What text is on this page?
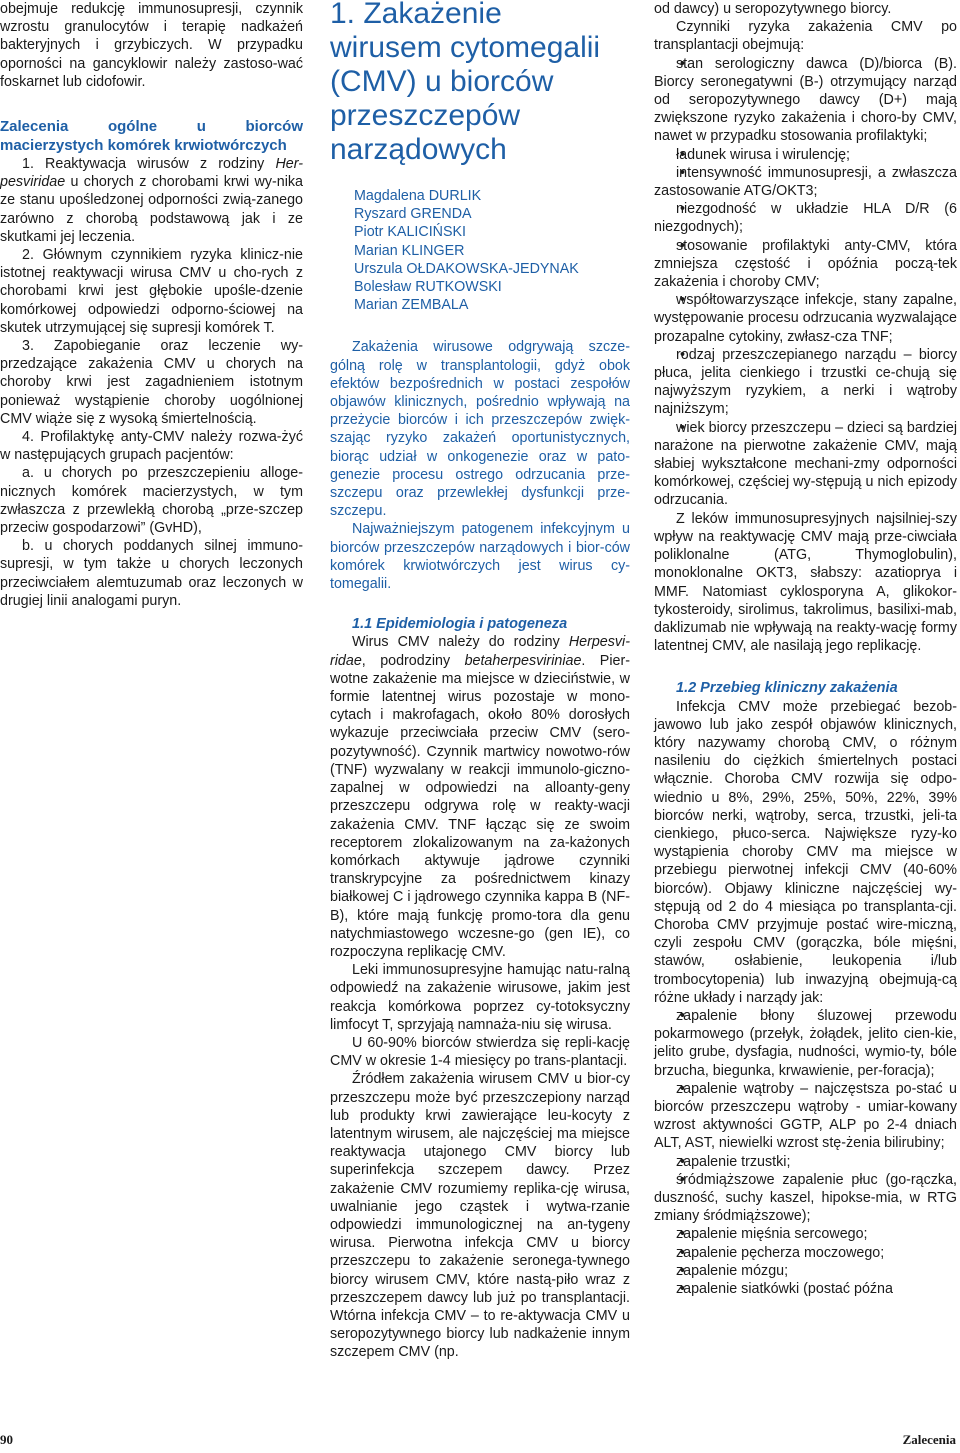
obejmuje redukcję immunosupresji, czynnik wzrostu granulocytów i terapię nadkażeń bakteryjnych i grzybiczych. W przypadku oporności na gancyklowir należy zastoso-wać foskarnet lub cidofowir.

Zalecenia ogólne u biorców macierzystych komórek krwiotwórczych

1. Reaktywacja wirusów z rodziny Her-pesviridae u chorych z chorobami krwi wy-nika ze stanu upośledzonej odporności zwią-zanego zarówno z chorobą podstawową jak i ze skutkami jej leczenia.

2. Głównym czynnikiem ryzyka klinicz-nie istotnej reaktywacji wirusa CMV u cho-rych z chorobami krwi jest głębokie upośle-dzenie komórkowej odpowiedzi odporno-ściowej na skutek utrzymującej się supresji komórek T.

3. Zapobieganie oraz leczenie wy-przedzające zakażenia CMV u chorych na choroby krwi jest zagadnieniem istotnym ponieważ wystąpienie choroby uogólnionej CMV wiąże się z wysoką śmiertelnością.

4. Profilaktykę anty-CMV należy rozwa-żyć w następujących grupach pacjentów:

a. u chorych po przeszczepieniu alloge-nicznych komórek macierzystych, w tym zwłaszcza z przewlekłą chorobą „prze-szczep przeciw gospodarzowi” (GvHD),

b. u chorych poddanych silnej immuno-supresji, w tym także u chorych leczonych przeciwciałem alemtuzumab oraz leczonych w drugiej linii analogami puryn.

1. Zakażenie
wirusem cytomegalii
(CMV) u biorców
przeszczepów
narządowych
Magdalena DURLIK
Ryszard GRENDA
Piotr KALICIŃSKI
Marian KLINGER
Urszula OŁDAKOWSKA-JEDYNAK
Bolesław RUTKOWSKI
Marian ZEMBALA

Zakażenia wirusowe odgrywają szcze-gólną rolę w transplantologii, gdyż obok efektów bezpośrednich w postaci zespołów objawów klinicznych, pośrednio wpływają na przeżycie biorców i ich przeszczepów zwięk-szając ryzyko zakażeń oportunistycznych, biorąc udział w onkogenezie oraz w pato-genezie procesu ostrego odrzucania prze-szczepu oraz przewlekłej dysfunkcji prze-szczepu.

Najważniejszym patogenem infekcyjnym u biorców przeszczepów narządowych i bior-ców komórek krwiotwórczych jest wirus cy-tomegalii.

1.1 Epidemiologia i patogeneza

Wirus CMV należy do rodziny Herpesvi-ridae, podrodziny betaherpesviriniae. Pier-wotne zakażenie ma miejsce w dzieciństwie, w formie latentnej wirus pozostaje w mono-cytach i makrofagach, około 80% dorosłych wykazuje przeciwciała przeciw CMV (sero-pozytywność). Czynnik martwicy nowotwo-rów (TNF) wyzwalany w reakcji immunolo-giczno-zapalnej w odpowiedzi na alloanty-geny przeszczepu odgrywa rolę w reakty-wacji zakażenia CMV. TNF łącząc się ze swoim receptorem zlokalizowanym na za-każonych komórkach aktywuje jądrowe czynniki transkrypcyjne za pośrednictwem kinazy białkowej C i jądrowego czynnika kappa B (NF-B), które mają funkcję promo-tora dla genu natychmiastowego wczesne-go (gen IE), co rozpoczyna replikację CMV.

Leki immunosupresyjne hamując natu-ralną odpowiedź na zakażenie wirusowe, jakim jest reakcja komórkowa poprzez cy-totoksyczny limfocyt T, sprzyjają namnaża-niu się wirusa.

U 60-90% biorców stwierdza się repli-kację CMV w okresie 1-4 miesięcy po trans-plantacji.

Źródłem zakażenia wirusem CMV u bior-cy przeszczepu może być przeszczepiony narząd lub produkty krwi zawierające leu-kocyty z latentnym wirusem, ale najczęściej ma miejsce reaktywacja utajonego CMV biorcy lub superinfekcja szczepem dawcy. Przez zakażenie CMV rozumiemy replika-cję wirusa, uwalnianie jego cząstek i wytwa-rzanie odpowiedzi immunologicznej na an-tygeny wirusa. Pierwotna infekcja CMV u biorcy przeszczepu to zakażenie seronega-tywnego biorcy wirusem CMV, które nastą-piło wraz z przeszczepem dawcy lub już po transplantacji. Wtórna infekcja CMV – to re-aktywacja CMV u seropozytywnego biorcy lub nadkażenie innym szczepem CMV (np.

od dawcy) u seropozytywnego biorcy.

Czynniki ryzyka zakażenia CMV po transplantacji obejmują:

• stan serologiczny dawca (D)/biorca (B). Biorcy seronegatywni (B-) otrzymujący narząd od seropozytywnego dawcy (D+) mają zwiększone ryzyko zakażenia i choro-by CMV, nawet w przypadku stosowania profilaktyki;
• ładunek wirusa i wirulencję;
• intensywność immunosupresji, a zwłaszcza zastosowanie ATG/OKT3;
• niezgodność w układzie HLA D/R (6 niezgodnych);
• stosowanie profilaktyki anty-CMV, która zmniejsza częstość i opóźnia począ-tek zakażenia i choroby CMV;
• współtowarzyszące infekcje, stany zapalne, występowanie procesu odrzucania wyzwalające prozapalne cytokiny, zwłasz-cza TNF;
• rodzaj przeszczepianego narządu – biorcy płuca, jelita cienkiego i trzustki ce-chują się najwyższym ryzykiem, a nerki i wątroby najniższym;
• wiek biorcy przeszczepu – dzieci są bardziej narażone na pierwotne zakażenie CMV, mają słabiej wykształcone mechani-zmy odporności komórkowej, częściej wy-stępują u nich epizody odrzucania.

Z leków immunosupresyjnych najsilniej-szy wpływ na reaktywację CMV mają prze-ciwciała poliklonalne (ATG, Thymoglobulin), monoklonalne OKT3, słabszy: azatioprya i MMF. Natomiast cyklosporyna A, glikokor-tykosteroidy, sirolimus, takrolimus, basilixi-mab, daklizumab nie wpływają na reakty-wację formy latentnej CMV, ale nasilają jego replikację.

1.2 Przebieg kliniczny zakażenia

Infekcja CMV może przebiegać bezob-jawowo lub jako zespół objawów klinicznych, który nazywamy chorobą CMV, o różnym nasileniu do ciężkich śmiertelnych postaci włącznie. Choroba CMV rozwija się odpo-wiednio u 8%, 29%, 25%, 50%, 22%, 39% biorców nerki, wątroby, serca, trzustki, jeli-ta cienkiego, płuco-serca. Największe ryzy-ko wystąpienia choroby CMV ma miejsce w przebiegu pierwotnej infekcji CMV (40-60% biorców). Objawy kliniczne najczęściej wy-stępują od 2 do 4 miesiąca po transplanta-cji. Choroba CMV przyjmuje postać wire-miczną, czyli zespołu CMV (gorączka, bóle mięśni, stawów, osłabienie, leukopenia i/lub trombocytopenia) lub inwazyjną obejmują-cą różne układy i narządy jak:

• zapalenie błony śluzowej przewodu pokarmowego (przełyk, żołądek, jelito cien-kie, jelito grube, dysfagia, nudności, wymio-ty, bóle brzucha, biegunka, krwawienie, per-foracja);
• zapalenie wątroby – najczęstsza po-stać u biorców przeszczepu wątroby - umiar-kowany wzrost aktywności GGTP, ALP po 2-4 dniach ALT, AST, niewielki wzrost stę-żenia bilirubiny;
• zapalenie trzustki;
• śródmiąższowe zapalenie płuc (go-rączka, duszność, suchy kaszel, hipokse-mia, w RTG zmiany śródmiąższowe);
• zapalenie mięśnia sercowego;
• zapalenie pęcherza moczowego;
• zapalenie mózgu;
• zapalenie siatkówki (postać późna
90	Zalecenia
